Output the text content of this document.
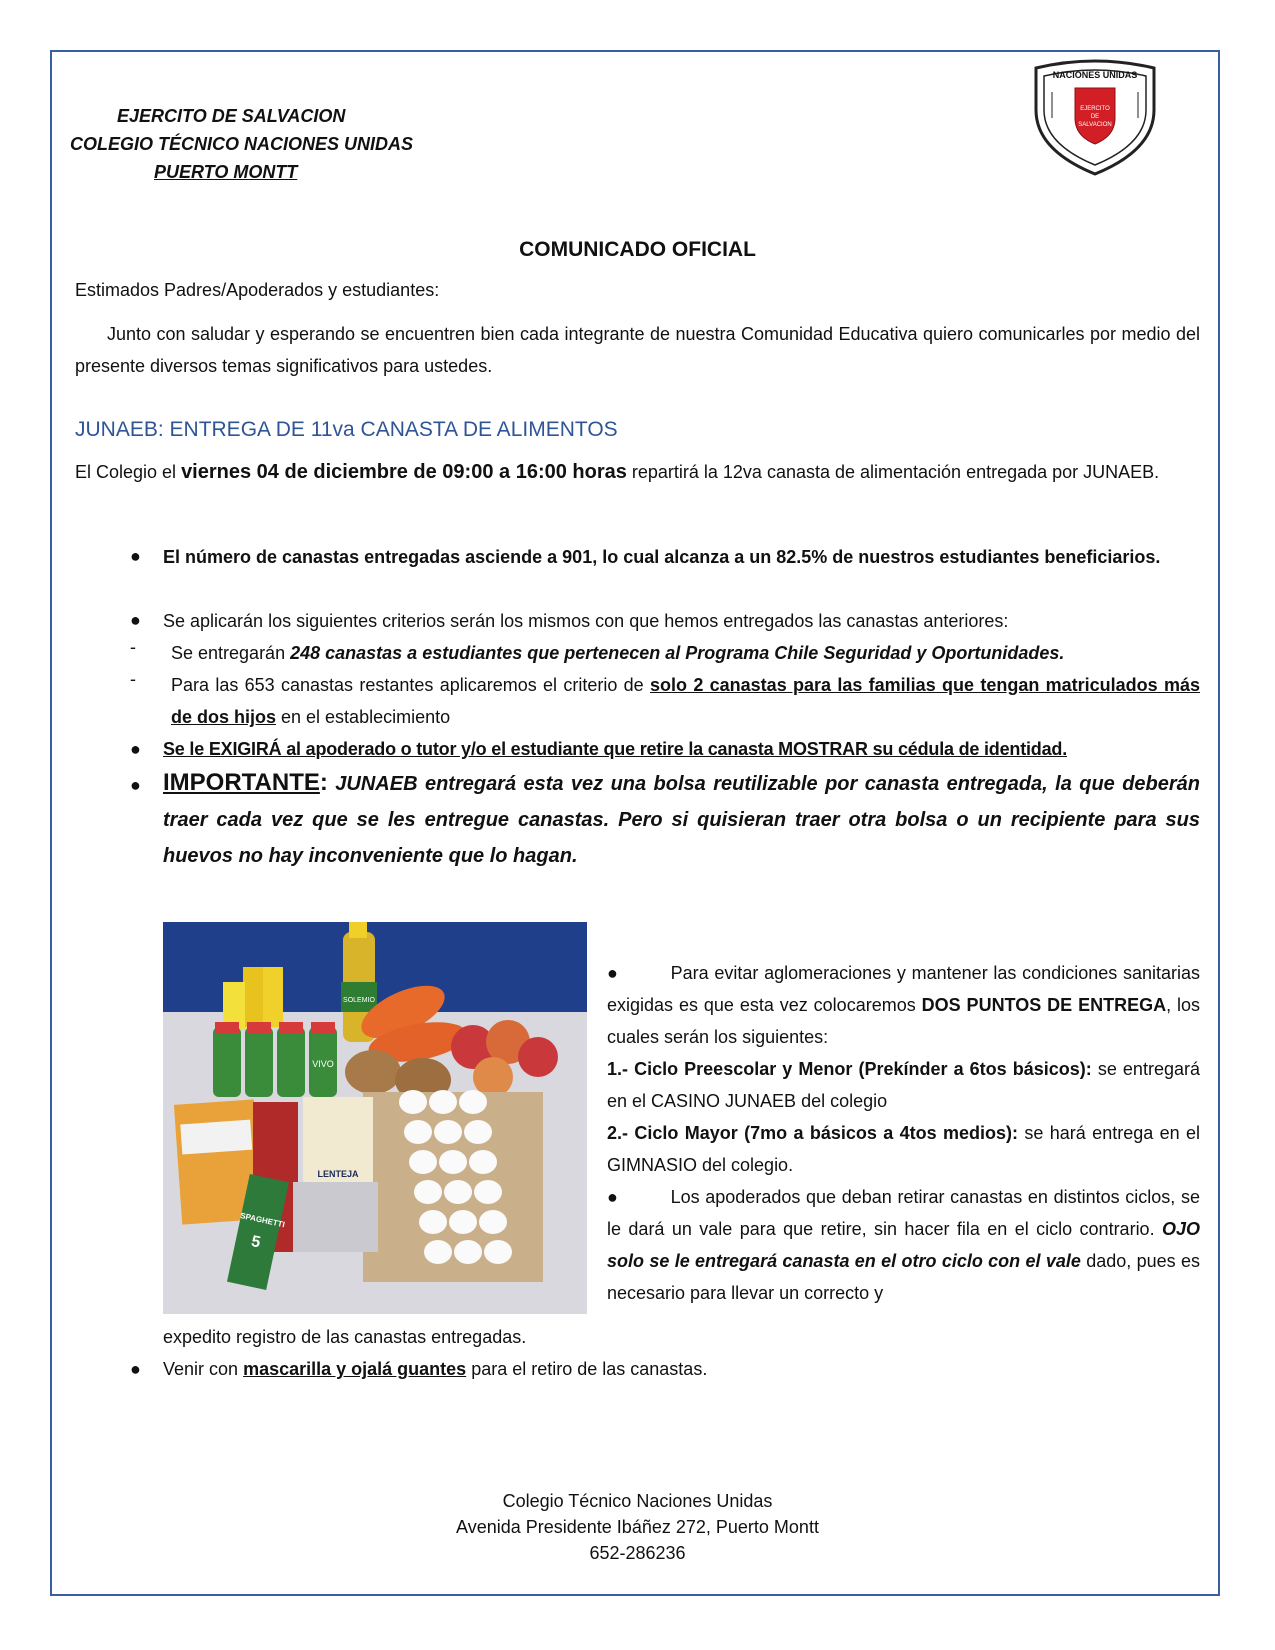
EJERCITO DE SALVACION
COLEGIO TÉCNICO NACIONES UNIDAS
PUERTO MONTT
NACIONES UNIDAS
EJERCITO
DE
SALVACION
COMUNICADO OFICIAL
Estimados Padres/Apoderados y estudiantes:
Junto con saludar y esperando se encuentren bien cada integrante de nuestra Comunidad Educativa quiero comunicarles por medio del presente diversos temas significativos para ustedes.
JUNAEB: ENTREGA DE 11va CANASTA DE ALIMENTOS
El Colegio el viernes 04 de diciembre de 09:00 a 16:00 horas repartirá la 12va canasta de alimentación entregada por JUNAEB.
● El número de canastas entregadas asciende a 901, lo cual alcanza a un 82.5% de nuestros estudiantes beneficiarios.
● Se aplicarán los siguientes criterios serán los mismos con que hemos entregados las canastas anteriores:
- Se entregarán 248 canastas a estudiantes que pertenecen al Programa Chile Seguridad y Oportunidades.
- Para las 653 canastas restantes aplicaremos el criterio de solo 2 canastas para las familias que tengan matriculados más de dos hijos en el establecimiento
● Se le EXIGIRÁ al apoderado o tutor y/o el estudiante que retire la canasta MOSTRAR su cédula de identidad.
● IMPORTANTE: JUNAEB entregará esta vez una bolsa reutilizable por canasta entregada, la que deberán traer cada vez que se les entregue canastas. Pero si quisieran traer otra bolsa o un recipiente para sus huevos no hay inconveniente que lo hagan.
SOLEMIO
VIVO
LENTEJA
SPAGHETTI
5
●	Para evitar aglomeraciones y mantener las condiciones sanitarias exigidas es que esta vez colocaremos DOS PUNTOS DE ENTREGA, los cuales serán los siguientes:
1.- Ciclo Preescolar y Menor (Prekínder a 6tos básicos): se entregará en el CASINO JUNAEB del colegio
2.- Ciclo Mayor (7mo a básicos a 4tos medios): se hará entrega en el GIMNASIO del colegio.
●	Los apoderados que deban retirar canastas en distintos ciclos, se le dará un vale para que retire, sin hacer fila en el ciclo contrario. OJO solo se le entregará canasta en el otro ciclo con el vale dado, pues es necesario para llevar un correcto y
expedito registro de las canastas entregadas.
● Venir con mascarilla y ojalá guantes para el retiro de las canastas.
Colegio Técnico Naciones Unidas
Avenida Presidente Ibáñez 272, Puerto Montt
652-286236
